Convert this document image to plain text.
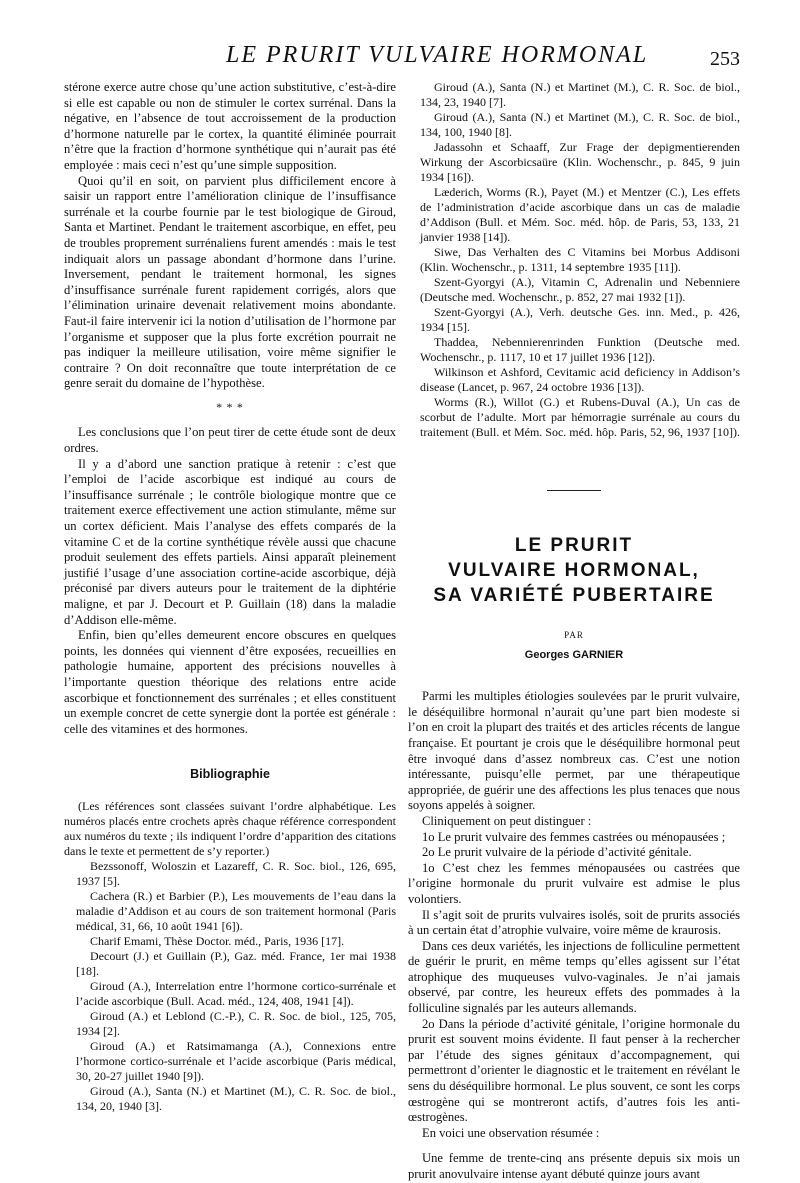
LE PRURIT VULVAIRE HORMONAL	253

stérone exerce autre chose qu’une action substitutive, c’est-à-dire si elle est capable ou non de stimuler le cortex surrénal. Dans la négative, en l’absence de tout accroissement de la production d’hormone naturelle par le cortex, la quantité éliminée pourrait n’être que la fraction d’hormone synthétique qui n’aurait pas été employée : mais ceci n’est qu’une simple supposition.

Quoi qu’il en soit, on parvient plus difficilement encore à saisir un rapport entre l’amélioration clinique de l’insuffisance surrénale et la courbe fournie par le test biologique de Giroud, Santa et Martinet. Pendant le traitement ascorbique, en effet, peu de troubles proprement surrénaliens furent amendés : mais le test indiquait alors un passage abondant d’hormone dans l’urine. Inversement, pendant le traitement hormonal, les signes d’insuffisance surrénale furent rapidement corrigés, alors que l’élimination urinaire devenait relativement moins abondante. Faut-il faire intervenir ici la notion d’utilisation de l’hormone par l’organisme et supposer que la plus forte excrétion pourrait ne pas indiquer la meilleure utilisation, voire même signifier le contraire ? On doit reconnaître que toute interprétation de ce genre serait du domaine de l’hypothèse.

* * *

Les conclusions que l’on peut tirer de cette étude sont de deux ordres.

Il y a d’abord une sanction pratique à retenir : c’est que l’emploi de l’acide ascorbique est indiqué au cours de l’insuffisance surrénale ; le contrôle biologique montre que ce traitement exerce effectivement une action stimulante, même sur un cortex déficient. Mais l’analyse des effets comparés de la vitamine C et de la cortine synthétique révèle aussi que chacune produit seulement des effets partiels. Ainsi apparaît pleinement justifié l’usage d’une association cortine-acide ascorbique, déjà préconisé par divers auteurs pour le traitement de la diphtérie maligne, et par J. Decourt et P. Guillain (18) dans la maladie d’Addison elle-même.

Enfin, bien qu’elles demeurent encore obscures en quelques points, les données qui viennent d’être exposées, recueillies en pathologie humaine, apportent des précisions nouvelles à l’importante question théorique des relations entre acide ascorbique et fonctionnement des surrénales ; et elles constituent un exemple concret de cette synergie dont la portée est générale : celle des vitamines et des hormones.

Bibliographie

(Les références sont classées suivant l’ordre alphabétique. Les numéros placés entre crochets après chaque référence correspondent aux numéros du texte ; ils indiquent l’ordre d’apparition des citations dans le texte et permettent de s’y reporter.)

Bezssonoff, Woloszin et Lazareff, C. R. Soc. biol., 126, 695, 1937 [5].

Cachera (R.) et Barbier (P.), Les mouvements de l’eau dans la maladie d’Addison et au cours de son traitement hormonal (Paris médical, 31, 66, 10 août 1941 [6]).

Charif Emami, Thèse Doctor. méd., Paris, 1936 [17].

Decourt (J.) et Guillain (P.), Gaz. méd. France, 1er mai 1938 [18].

Giroud (A.), Interrelation entre l’hormone cortico-surrénale et l’acide ascorbique (Bull. Acad. méd., 124, 408, 1941 [4]).

Giroud (A.) et Leblond (C.-P.), C. R. Soc. de biol., 125, 705, 1934 [2].

Giroud (A.) et Ratsimamanga (A.), Connexions entre l’hormone cortico-surrénale et l’acide ascorbique (Paris médical, 30, 20-27 juillet 1940 [9]).

Giroud (A.), Santa (N.) et Martinet (M.), C. R. Soc. de biol., 134, 20, 1940 [3].

Giroud (A.), Santa (N.) et Martinet (M.), C. R. Soc. de biol., 134, 23, 1940 [7].

Giroud (A.), Santa (N.) et Martinet (M.), C. R. Soc. de biol., 134, 100, 1940 [8].

Jadassohn et Schaaff, Zur Frage der depigmentierenden Wirkung der Ascorbicsaüre (Klin. Wochenschr., p. 845, 9 juin 1934 [16]).

Læderich, Worms (R.), Payet (M.) et Mentzer (C.), Les effets de l’administration d’acide ascorbique dans un cas de maladie d’Addison (Bull. et Mém. Soc. méd. hôp. de Paris, 53, 133, 21 janvier 1938 [14]).

Siwe, Das Verhalten des C Vitamins bei Morbus Addisoni (Klin. Wochenschr., p. 1311, 14 septembre 1935 [11]).

Szent-Gyorgyi (A.), Vitamin C, Adrenalin und Nebenniere (Deutsche med. Wochenschr., p. 852, 27 mai 1932 [1]).

Szent-Gyorgyi (A.), Verh. deutsche Ges. inn. Med., p. 426, 1934 [15].

Thaddea, Nebennierenrinden Funktion (Deutsche med. Wochenschr., p. 1117, 10 et 17 juillet 1936 [12]).

Wilkinson et Ashford, Cevitamic acid deficiency in Addison’s disease (Lancet, p. 967, 24 octobre 1936 [13]).

Worms (R.), Willot (G.) et Rubens-Duval (A.), Un cas de scorbut de l’adulte. Mort par hémorragie surrénale au cours du traitement (Bull. et Mém. Soc. méd. hôp. Paris, 52, 96, 1937 [10]).

LE PRURIT
VULVAIRE HORMONAL,
SA VARIÉTÉ PUBERTAIRE
PAR
Georges GARNIER

Parmi les multiples étiologies soulevées par le prurit vulvaire, le déséquilibre hormonal n’aurait qu’une part bien modeste si l’on en croit la plupart des traités et des articles récents de langue française. Et pourtant je crois que le déséquilibre hormonal peut être invoqué dans d’assez nombreux cas. C’est une notion intéressante, puisqu’elle permet, par une thérapeutique appropriée, de guérir une des affections les plus tenaces que nous soyons appelés à soigner.

Cliniquement on peut distinguer :

1o Le prurit vulvaire des femmes castrées ou ménopausées ;

2o Le prurit vulvaire de la période d’activité génitale.

1o C’est chez les femmes ménopausées ou castrées que l’origine hormonale du prurit vulvaire est admise le plus volontiers.

Il s’agit soit de prurits vulvaires isolés, soit de prurits associés à un certain état d’atrophie vulvaire, voire même de kraurosis.

Dans ces deux variétés, les injections de folliculine permettent de guérir le prurit, en même temps qu’elles agissent sur l’état atrophique des muqueuses vulvo-vaginales. Je n’ai jamais observé, par contre, les heureux effets des pommades à la folliculine signalés par les auteurs allemands.

2o Dans la période d’activité génitale, l’origine hormonale du prurit est souvent moins évidente. Il faut penser à la rechercher par l’étude des signes génitaux d’accompagnement, qui permettront d’orienter le diagnostic et le traitement en révélant le sens du déséquilibre hormonal. Le plus souvent, ce sont les corps œstrogène qui se montreront actifs, d’autres fois les anti-œstrogènes.

En voici une observation résumée :

Une femme de trente-cinq ans présente depuis six mois un prurit anovulvaire intense ayant débuté quinze jours avant
